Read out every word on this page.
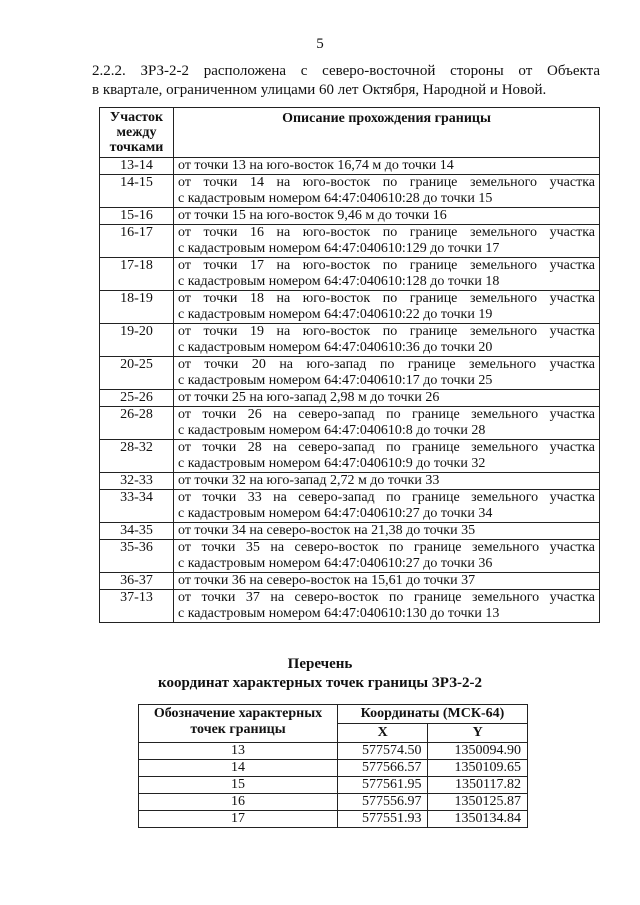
5
2.2.2. ЗРЗ-2-2 расположена с северо-восточной стороны от Объекта
в квартале, ограниченном улицами 60 лет Октября, Народной и Новой.
Участок между точками	Описание прохождения границы
13-14	от точки 13 на юго-восток 16,74 м до точки 14
14-15	от точки 14 на юго-восток по границе земельного участка
с кадастровым номером 64:47:040610:28 до точки 15

15-16	от точки 15 на юго-восток 9,46 м до точки 16
16-17	от точки 16 на юго-восток по границе земельного участка
с кадастровым номером 64:47:040610:129 до точки 17

17-18	от точки 17 на юго-восток по границе земельного участка
с кадастровым номером 64:47:040610:128 до точки 18

18-19	от точки 18 на юго-восток по границе земельного участка
с кадастровым номером 64:47:040610:22 до точки 19

19-20	от точки 19 на юго-восток по границе земельного участка
с кадастровым номером 64:47:040610:36 до точки 20

20-25	от точки 20 на юго-запад по границе земельного участка
с кадастровым номером 64:47:040610:17 до точки 25

25-26	от точки 25 на юго-запад 2,98 м до точки 26
26-28	от точки 26 на северо-запад по границе земельного участка
с кадастровым номером 64:47:040610:8 до точки 28

28-32	от точки 28 на северо-запад по границе земельного участка
с кадастровым номером 64:47:040610:9 до точки 32

32-33	от точки 32 на юго-запад 2,72 м до точки 33
33-34	от точки 33 на северо-запад по границе земельного участка
с кадастровым номером 64:47:040610:27 до точки 34

34-35	от точки 34 на северо-восток на 21,38 до точки 35
35-36	от точки 35 на северо-восток по границе земельного участка
с кадастровым номером 64:47:040610:27 до точки 36

36-37	от точки 36 на северо-восток на 15,61 до точки 37
37-13	от точки 37 на северо-восток по границе земельного участка
с кадастровым номером 64:47:040610:130 до точки 13
Перечень
координат характерных точек границы ЗРЗ-2-2
Обозначение характерных точек границы	Координаты (МСК-64)	
	X	Y
13	577574.50	1350094.90
14	577566.57	1350109.65
15	577561.95	1350117.82
16	577556.97	1350125.87
17	577551.93	1350134.84
